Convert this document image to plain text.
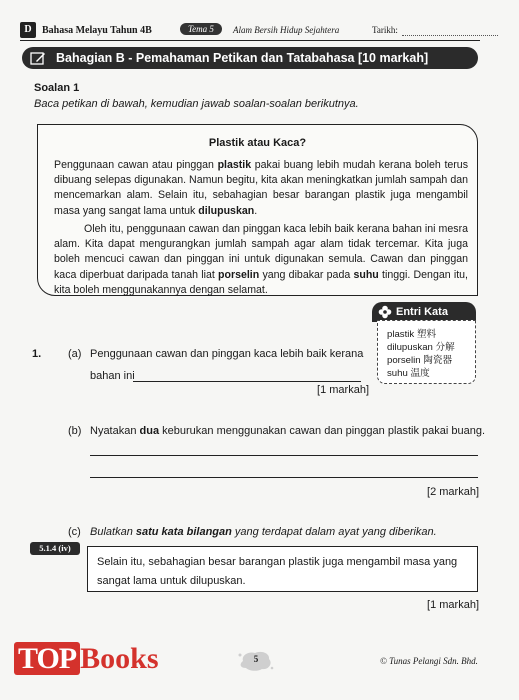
D	Bahasa Melayu Tahun 4B	Tema 5	Alam Bersih Hidup Sejahtera	Tarikh:
Bahagian B - Pemahaman Petikan dan Tatabahasa [10 markah]
Soalan 1
Baca petikan di bawah, kemudian jawab soalan-soalan berikutnya.
Plastik atau Kaca?
Penggunaan cawan atau pinggan plastik pakai buang lebih mudah kerana boleh terus dibuang selepas digunakan. Namun begitu, kita akan meningkatkan jumlah sampah dan mencemarkan alam. Selain itu, sebahagian besar barangan plastik juga mengambil masa yang sangat lama untuk dilupuskan.
Oleh itu, penggunaan cawan dan pinggan kaca lebih baik kerana bahan ini mesra alam. Kita dapat mengurangkan jumlah sampah agar alam tidak tercemar. Kita juga boleh mencuci cawan dan pinggan ini untuk digunakan semula. Cawan dan pinggan kaca diperbuat daripada tanah liat porselin yang dibakar pada suhu tinggi. Dengan itu, kita boleh menggunakannya dengan selamat.
Entri Kata
plastik 塑料
dilupuskan 分解
porselin 陶瓷器
suhu 温度
1. (a) Penggunaan cawan dan pinggan kaca lebih baik kerana
bahan ini
[1 markah]
(b) Nyatakan dua keburukan menggunakan cawan dan pinggan plastik pakai buang.
[2 markah]
(c) Bulatkan satu kata bilangan yang terdapat dalam ayat yang diberikan.
5.1.4 (iv)
Selain itu, sebahagian besar barangan plastik juga mengambil masa yang sangat lama untuk dilupuskan.
[1 markah]
TOP Books	5	© Tunas Pelangi Sdn. Bhd.
